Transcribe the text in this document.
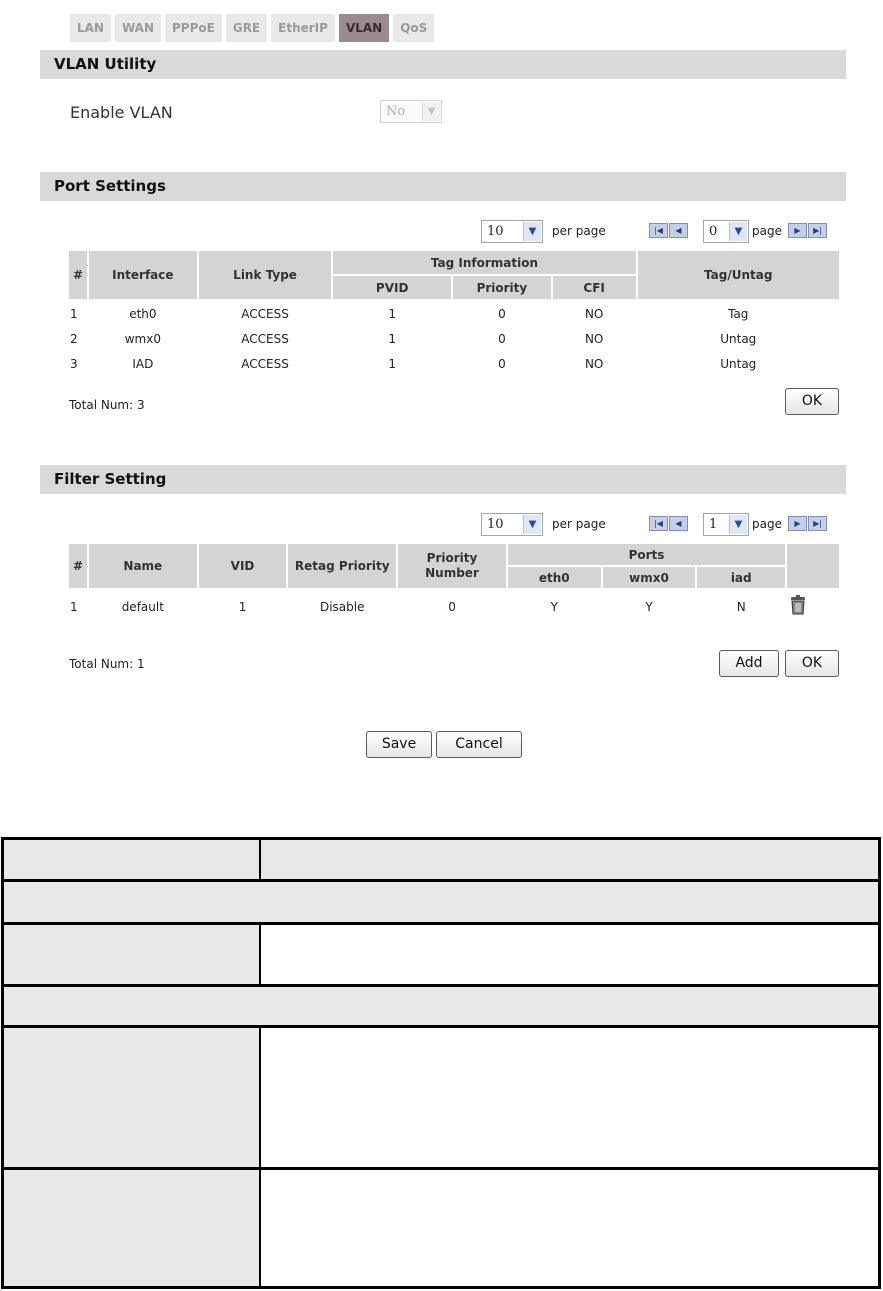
LAN	WAN	PPPoE	GRE	EtherIP	VLAN	QoS
VLAN Utility
Enable VLAN	No	▼
Port Settings
10	▼	per page	|◀	◀	0	▼ page	▶	▶|
#	Interface	Link Type	Tag Information			Tag/Untag
			PVID	Priority	CFI	
1	eth0	ACCESS	1	0	NO	Tag
2	wmx0	ACCESS	1	0	NO	Untag
3	IAD	ACCESS	1	0	NO	Untag
Total Num: 3	OK
Filter Setting
10	▼	per page	|◀	◀	1	▼ page	▶	▶|
#	Name	VID	Retag Priority	Priority Number	Ports			
					eth0	wmx0	iad	
1	default	1	Disable	0	Y	Y	N	
Total Num: 1	Add	OK
Save	Cancel
